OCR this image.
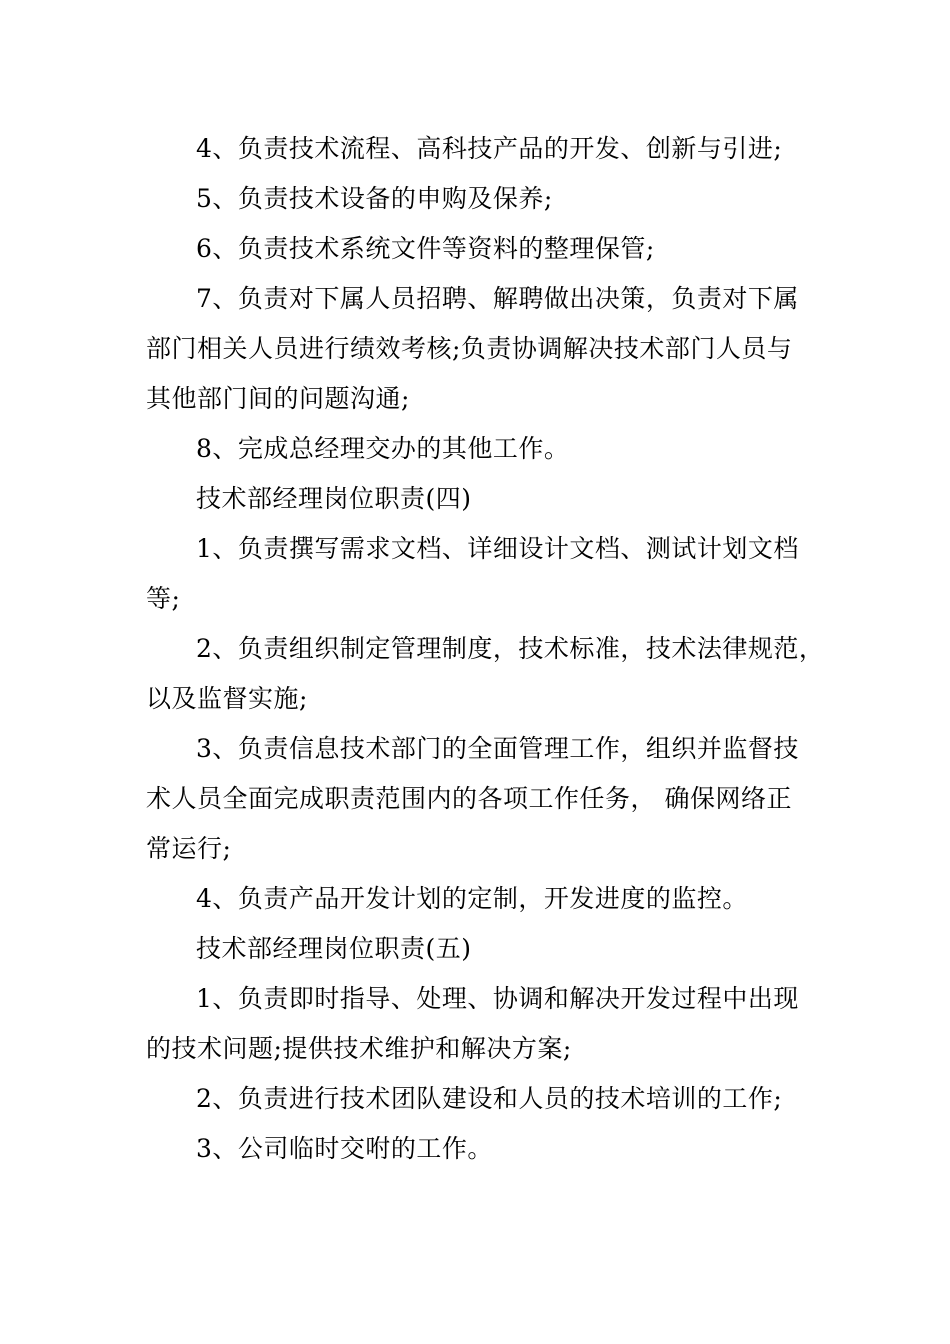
4、负责技术流程、高科技产品的开发、创新与引进;
5、负责技术设备的申购及保养;
6、负责技术系统文件等资料的整理保管;
7、负责对下属人员招聘、解聘做出决策，负责对下属
部门相关人员进行绩效考核;负责协调解决技术部门人员与
其他部门间的问题沟通;
8、完成总经理交办的其他工作。
技术部经理岗位职责(四)
1、负责撰写需求文档、详细设计文档、测试计划文档
等;
2、负责组织制定管理制度，技术标准，技术法律规范，
以及监督实施;
3、负责信息技术部门的全面管理工作，组织并监督技
术人员全面完成职责范围内的各项工作任务， 确保网络正
常运行;
4、负责产品开发计划的定制，开发进度的监控。
技术部经理岗位职责(五)
1、负责即时指导、处理、协调和解决开发过程中出现
的技术问题;提供技术维护和解决方案;
2、负责进行技术团队建设和人员的技术培训的工作;
3、公司临时交咐的工作。
